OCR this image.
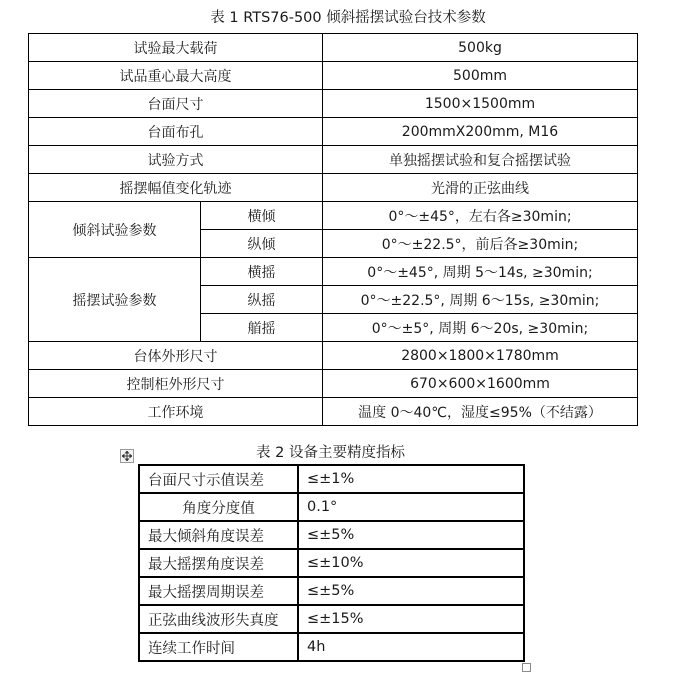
表 1 RTS76-500 倾斜摇摆试验台技术参数
试验最大载荷		500kg
试品重心最大高度		500mm
台面尺寸		1500×1500mm
台面布孔		200mmX200mm, M16
试验方式		单独摇摆试验和复合摇摆试验
摇摆幅值变化轨迹		光滑的正弦曲线
倾斜试验参数	横倾	0°～±45°，左右各≥30min;
	纵倾	0°～±22.5°，前后各≥30min;
摇摆试验参数	横摇	0°～±45°, 周期 5～14s, ≥30min;
	纵摇	0°～±22.5°, 周期 6～15s, ≥30min;
	艏摇	0°～±5°, 周期 6～20s, ≥30min;
台体外形尺寸		2800×1800×1780mm
控制柜外形尺寸		670×600×1600mm
工作环境		温度 0～40℃，湿度≤95%（不结露）
表 2 设备主要精度指标
台面尺寸示值误差	≤±1%
角度分度值	0.1°
最大倾斜角度误差	≤±5%
最大摇摆角度误差	≤±10%
最大摇摆周期误差	≤±5%
正弦曲线波形失真度	≤±15%
连续工作时间	4h
